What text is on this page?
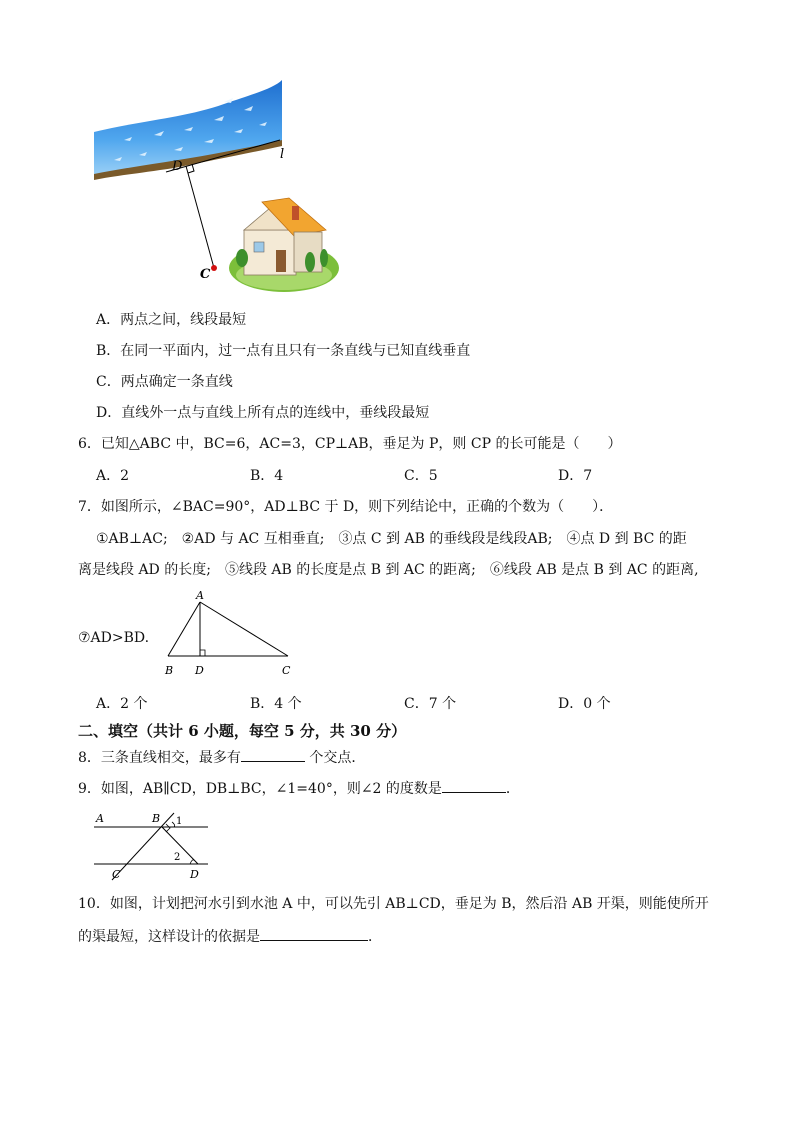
D
l
C
A．两点之间，线段最短
B．在同一平面内，过一点有且只有一条直线与已知直线垂直
C．两点确定一条直线
D．直线外一点与直线上所有点的连线中，垂线段最短
6．已知△ABC 中，BC=6，AC=3，CP⊥AB，垂足为 P，则 CP 的长可能是（　　）
A．2	B．4	C．5	D．7
7．如图所示，∠BAC=90°，AD⊥BC 于 D，则下列结论中，正确的个数为（　　）．
①AB⊥AC;　②AD 与 AC 互相垂直;　③点 C 到 AB 的垂线段是线段AB;　④点 D 到 BC 的距
离是线段 AD 的长度;　⑤线段 AB 的长度是点 B 到 AC 的距离;　⑥线段 AB 是点 B 到 AC 的距离,
⑦AD>BD.
A
B D	C
A．2 个	B．4 个	C．7 个	D．0 个
二、填空（共计 6 小题，每空 5 分，共 30 分）
8．三条直线相交，最多有	个交点．
9．如图，AB∥CD，DB⊥BC，∠1=40°，则∠2 的度数是	．
A	B 1
2
C	D
10．如图，计划把河水引到水池 A 中，可以先引 AB⊥CD，垂足为 B，然后沿 AB 开渠，则能使所开
的渠最短，这样设计的依据是	．
